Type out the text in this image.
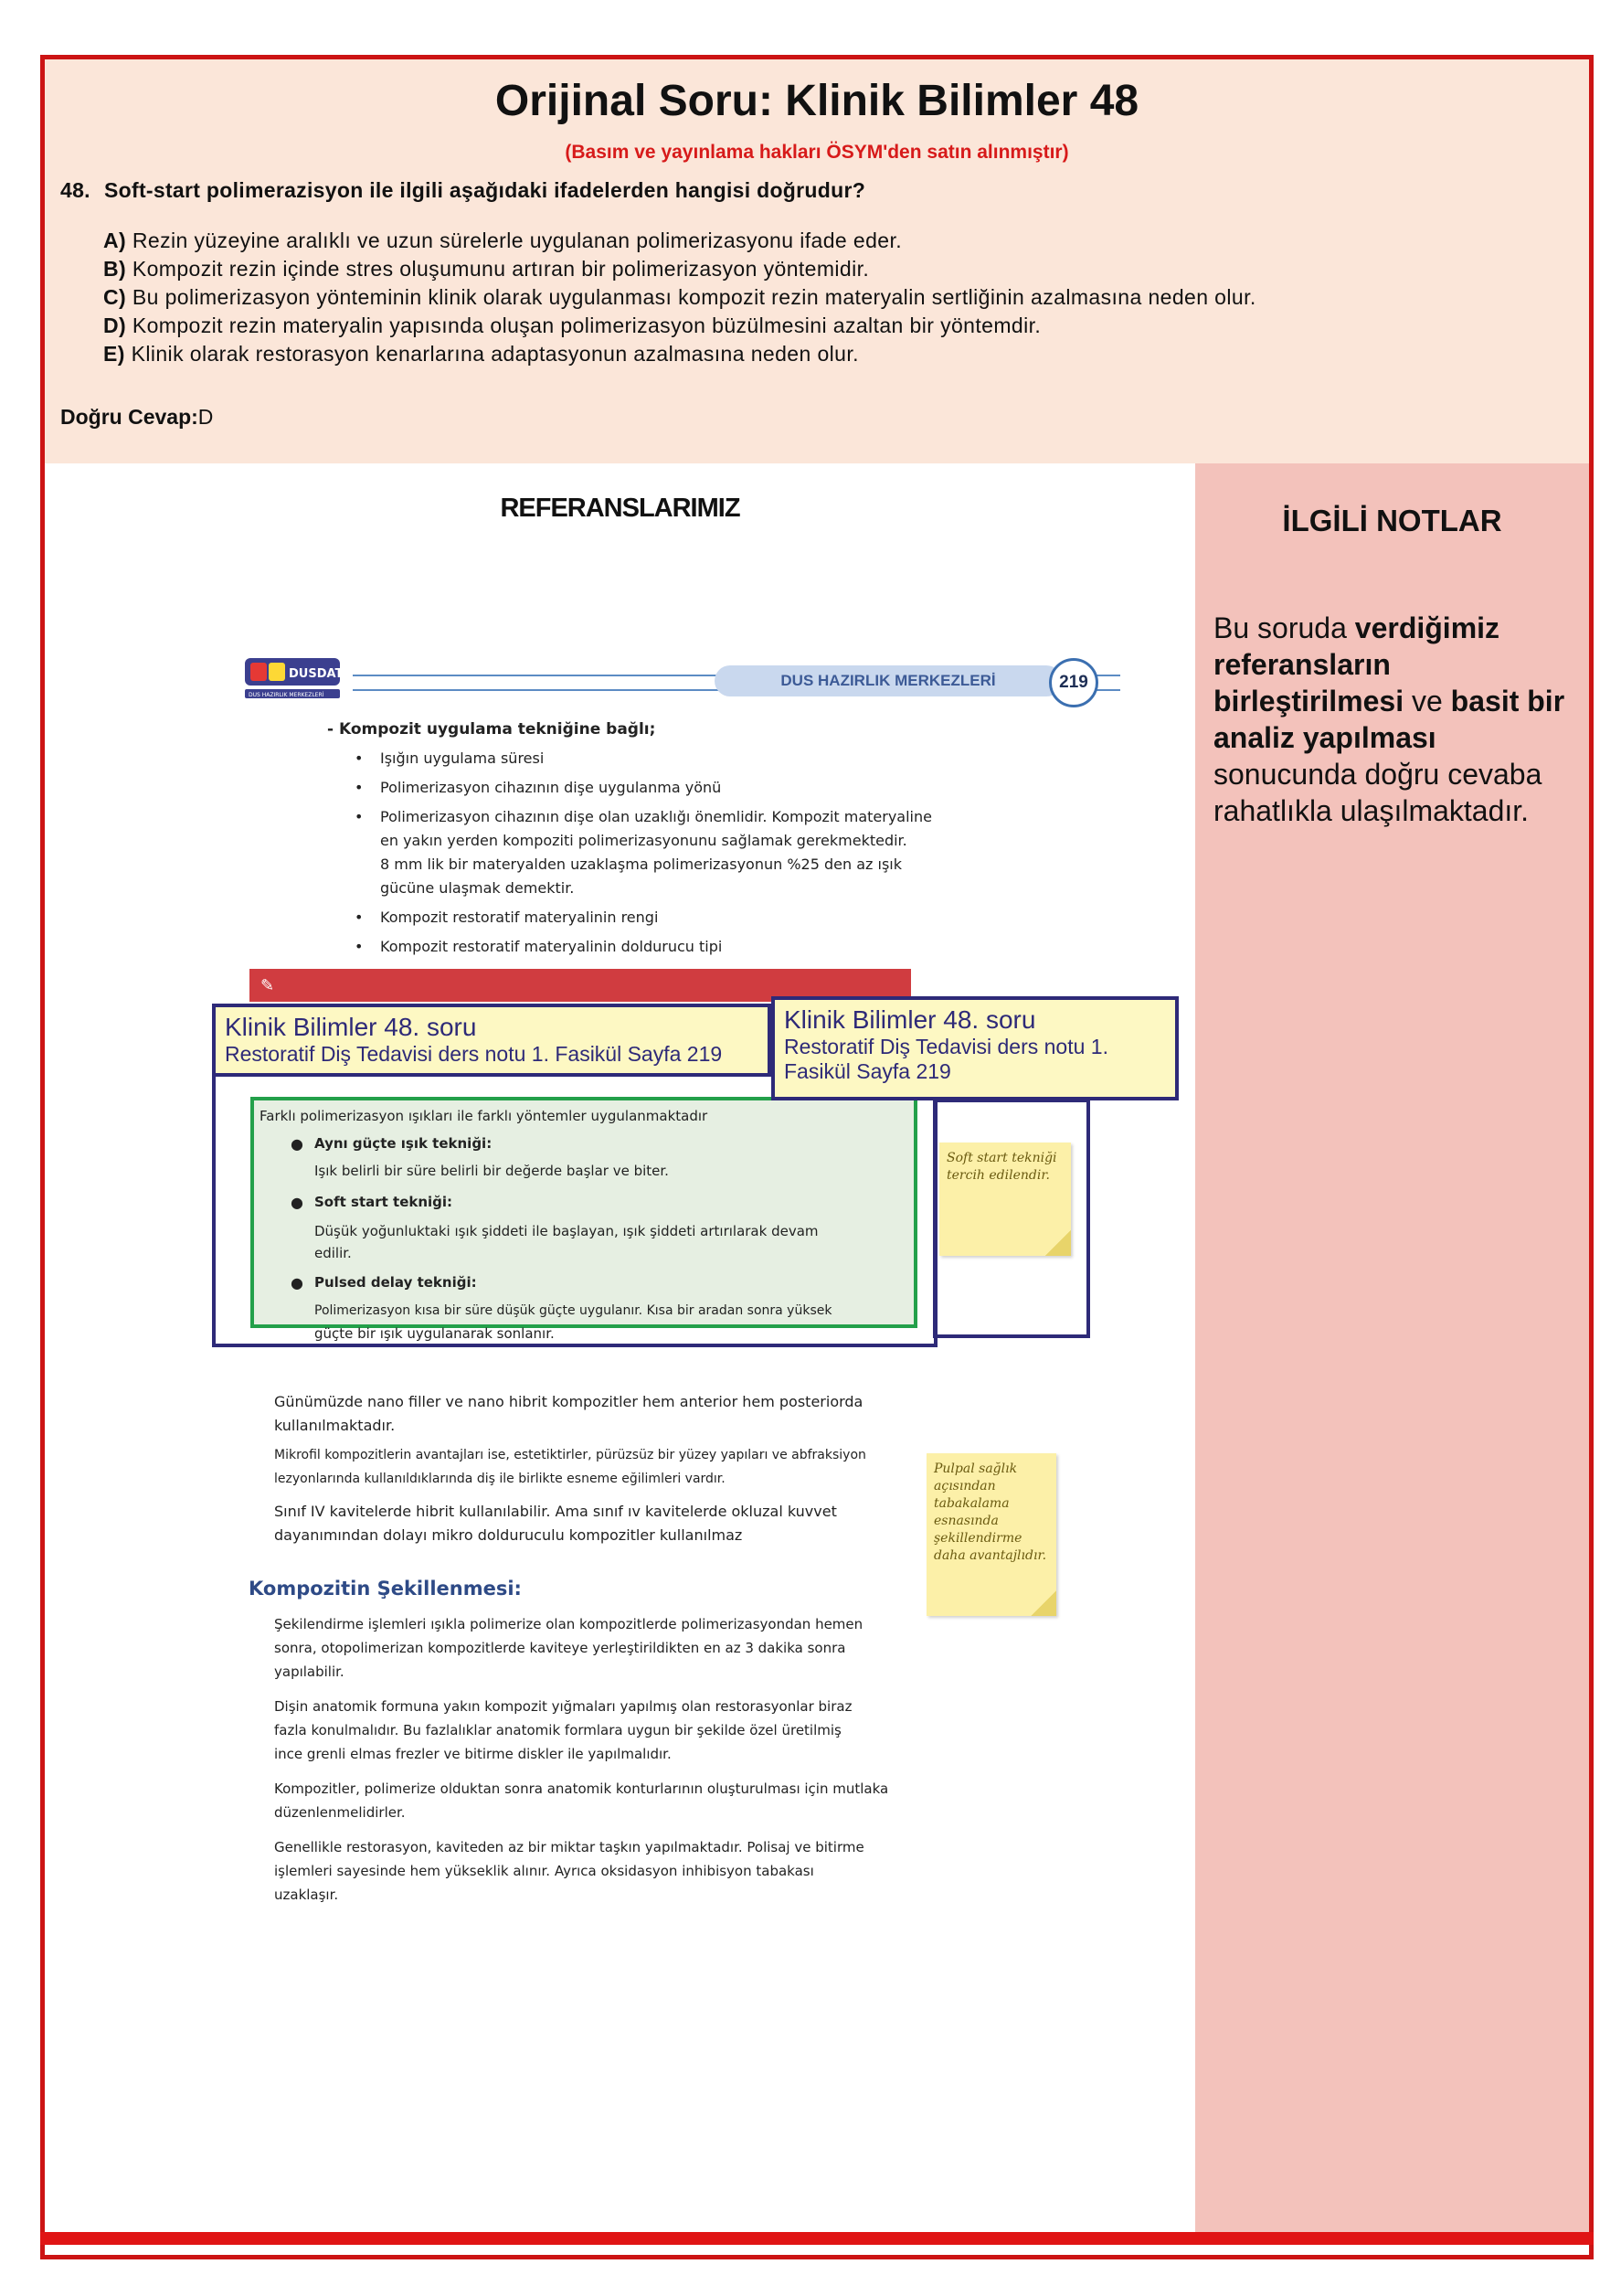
Orijinal Soru: Klinik Bilimler 48
(Basım ve yayınlama hakları ÖSYM'den satın alınmıştır)
48. Soft-start polimerazisyon ile ilgili aşağıdaki ifadelerden hangisi doğrudur?
A) Rezin yüzeyine aralıklı ve uzun sürelerle uygulanan polimerizasyonu ifade eder.
B) Kompozit rezin içinde stres oluşumunu artıran bir polimerizasyon yöntemidir.
C) Bu polimerizasyon yönteminin klinik olarak uygulanması kompozit rezin materyalin sertliğinin azalmasına neden olur.
D) Kompozit rezin materyalin yapısında oluşan polimerizasyon büzülmesini azaltan bir yöntemdir.
E) Klinik olarak restorasyon kenarlarına adaptasyonun azalmasına neden olur.
Doğru Cevap:D
REFERANSLARIMIZ
DUSDATA
DUS HAZIRLIK MERKEZLERİ
DUS HAZIRLIK MERKEZLERİ	219
- Kompozit uygulama tekniğine bağlı;
• Işığın uygulama süresi
• Polimerizasyon cihazının dişe uygulanma yönü
• Polimerizasyon cihazının dişe olan uzaklığı önemlidir. Kompozit materyaline
en yakın yerden kompoziti polimerizasyonunu sağlamak gerekmektedir.
8 mm lik bir materyalden uzaklaşma polimerizasyonun %25 den az ışık
gücüne ulaşmak demektir.
• Kompozit restoratif materyalinin rengi
• Kompozit restoratif materyalinin doldurucu tipi
✎
Farklı polimerizasyon ışıkları ile farklı yöntemler uygulanmaktadır
● Aynı güçte ışık tekniği:
Işık belirli bir süre belirli bir değerde başlar ve biter.
● Soft start tekniği:
Düşük yoğunluktaki ışık şiddeti ile başlayan, ışık şiddeti artırılarak devam
edilir.
● Pulsed delay tekniği:
Polimerizasyon kısa bir süre düşük güçte uygulanır. Kısa bir aradan sonra yüksek
güçte bir ışık uygulanarak sonlanır.
Soft start tekniği tercih edilendir.
Günümüzde nano filler ve nano hibrit kompozitler hem anterior hem posteriorda
kullanılmaktadır.
Mikrofil kompozitlerin avantajları ise, estetiktirler, pürüzsüz bir yüzey yapıları ve abfraksiyon
lezyonlarında kullanıldıklarında diş ile birlikte esneme eğilimleri vardır.
Sınıf IV kavitelerde hibrit kullanılabilir. Ama sınıf ıv kavitelerde okluzal kuvvet
dayanımından dolayı mikro dolduruculu kompozitler kullanılmaz
Pulpal sağlık açısından tabakalama esnasında şekillendirme daha avantajlıdır.
Kompozitin Şekillenmesi:
Şekilendirme işlemleri ışıkla polimerize olan kompozitlerde polimerizasyondan hemen
sonra, otopolimerizan kompozitlerde kaviteye yerleştirildikten en az 3 dakika sonra
yapılabilir.
Dişin anatomik formuna yakın kompozit yığmaları yapılmış olan restorasyonlar biraz
fazla konulmalıdır. Bu fazlalıklar anatomik formlara uygun bir şekilde özel üretilmiş
ince grenli elmas frezler ve bitirme diskler ile yapılmalıdır.
Kompozitler, polimerize olduktan sonra anatomik konturlarının oluşturulması için mutlaka
düzenlenmelidirler.
Genellikle restorasyon, kaviteden az bir miktar taşkın yapılmaktadır. Polisaj ve bitirme
işlemleri sayesinde hem yükseklik alınır. Ayrıca oksidasyon inhibisyon tabakası
uzaklaşır.
Klinik Bilimler 48. soru
Restoratif Diş Tedavisi ders notu 1. Fasikül Sayfa 219
Klinik Bilimler 48. soru
Restoratif Diş Tedavisi ders notu 1. Fasikül Sayfa 219
İLGİLİ NOTLAR
Bu soruda verdiğimiz referansların birleştirilmesi ve basit bir analiz yapılması sonucunda doğru cevaba rahatlıkla ulaşılmaktadır.
